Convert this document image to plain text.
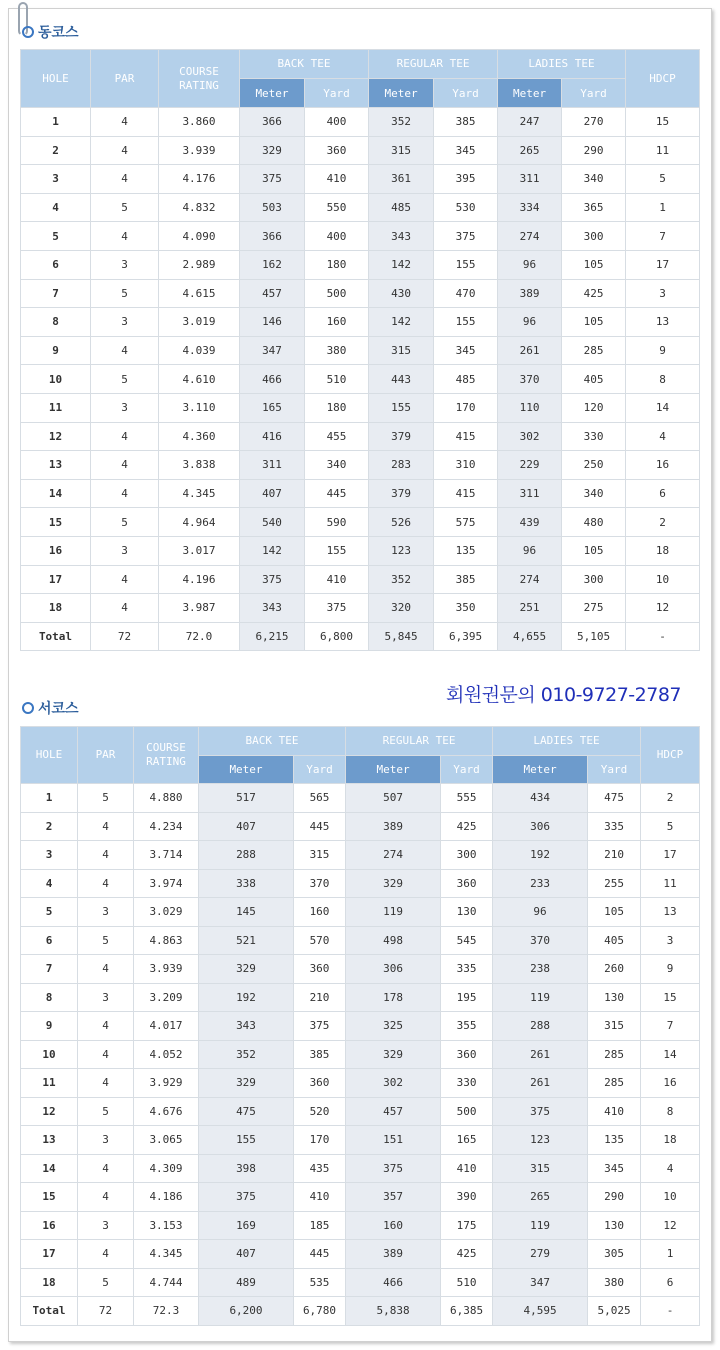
동코스
HOLE	PAR	COURSE
RATING	BACK TEE		REGULAR TEE		LADIES TEE		HDCP
			Meter	Yard	Meter	Yard	Meter	Yard	
1	4	3.860	366	400	352	385	247	270	15
2	4	3.939	329	360	315	345	265	290	11
3	4	4.176	375	410	361	395	311	340	5
4	5	4.832	503	550	485	530	334	365	1
5	4	4.090	366	400	343	375	274	300	7
6	3	2.989	162	180	142	155	96	105	17
7	5	4.615	457	500	430	470	389	425	3
8	3	3.019	146	160	142	155	96	105	13
9	4	4.039	347	380	315	345	261	285	9
10	5	4.610	466	510	443	485	370	405	8
11	3	3.110	165	180	155	170	110	120	14
12	4	4.360	416	455	379	415	302	330	4
13	4	3.838	311	340	283	310	229	250	16
14	4	4.345	407	445	379	415	311	340	6
15	5	4.964	540	590	526	575	439	480	2
16	3	3.017	142	155	123	135	96	105	18
17	4	4.196	375	410	352	385	274	300	10
18	4	3.987	343	375	320	350	251	275	12
Total	72	72.0	6,215	6,800	5,845	6,395	4,655	5,105	-
회원권문의 010-9727-2787
서코스
HOLE	PAR	COURSE
RATING	BACK TEE		REGULAR TEE		LADIES TEE		HDCP
			Meter	Yard	Meter	Yard	Meter	Yard	
1	5	4.880	517	565	507	555	434	475	2
2	4	4.234	407	445	389	425	306	335	5
3	4	3.714	288	315	274	300	192	210	17
4	4	3.974	338	370	329	360	233	255	11
5	3	3.029	145	160	119	130	96	105	13
6	5	4.863	521	570	498	545	370	405	3
7	4	3.939	329	360	306	335	238	260	9
8	3	3.209	192	210	178	195	119	130	15
9	4	4.017	343	375	325	355	288	315	7
10	4	4.052	352	385	329	360	261	285	14
11	4	3.929	329	360	302	330	261	285	16
12	5	4.676	475	520	457	500	375	410	8
13	3	3.065	155	170	151	165	123	135	18
14	4	4.309	398	435	375	410	315	345	4
15	4	4.186	375	410	357	390	265	290	10
16	3	3.153	169	185	160	175	119	130	12
17	4	4.345	407	445	389	425	279	305	1
18	5	4.744	489	535	466	510	347	380	6
Total	72	72.3	6,200	6,780	5,838	6,385	4,595	5,025	-
